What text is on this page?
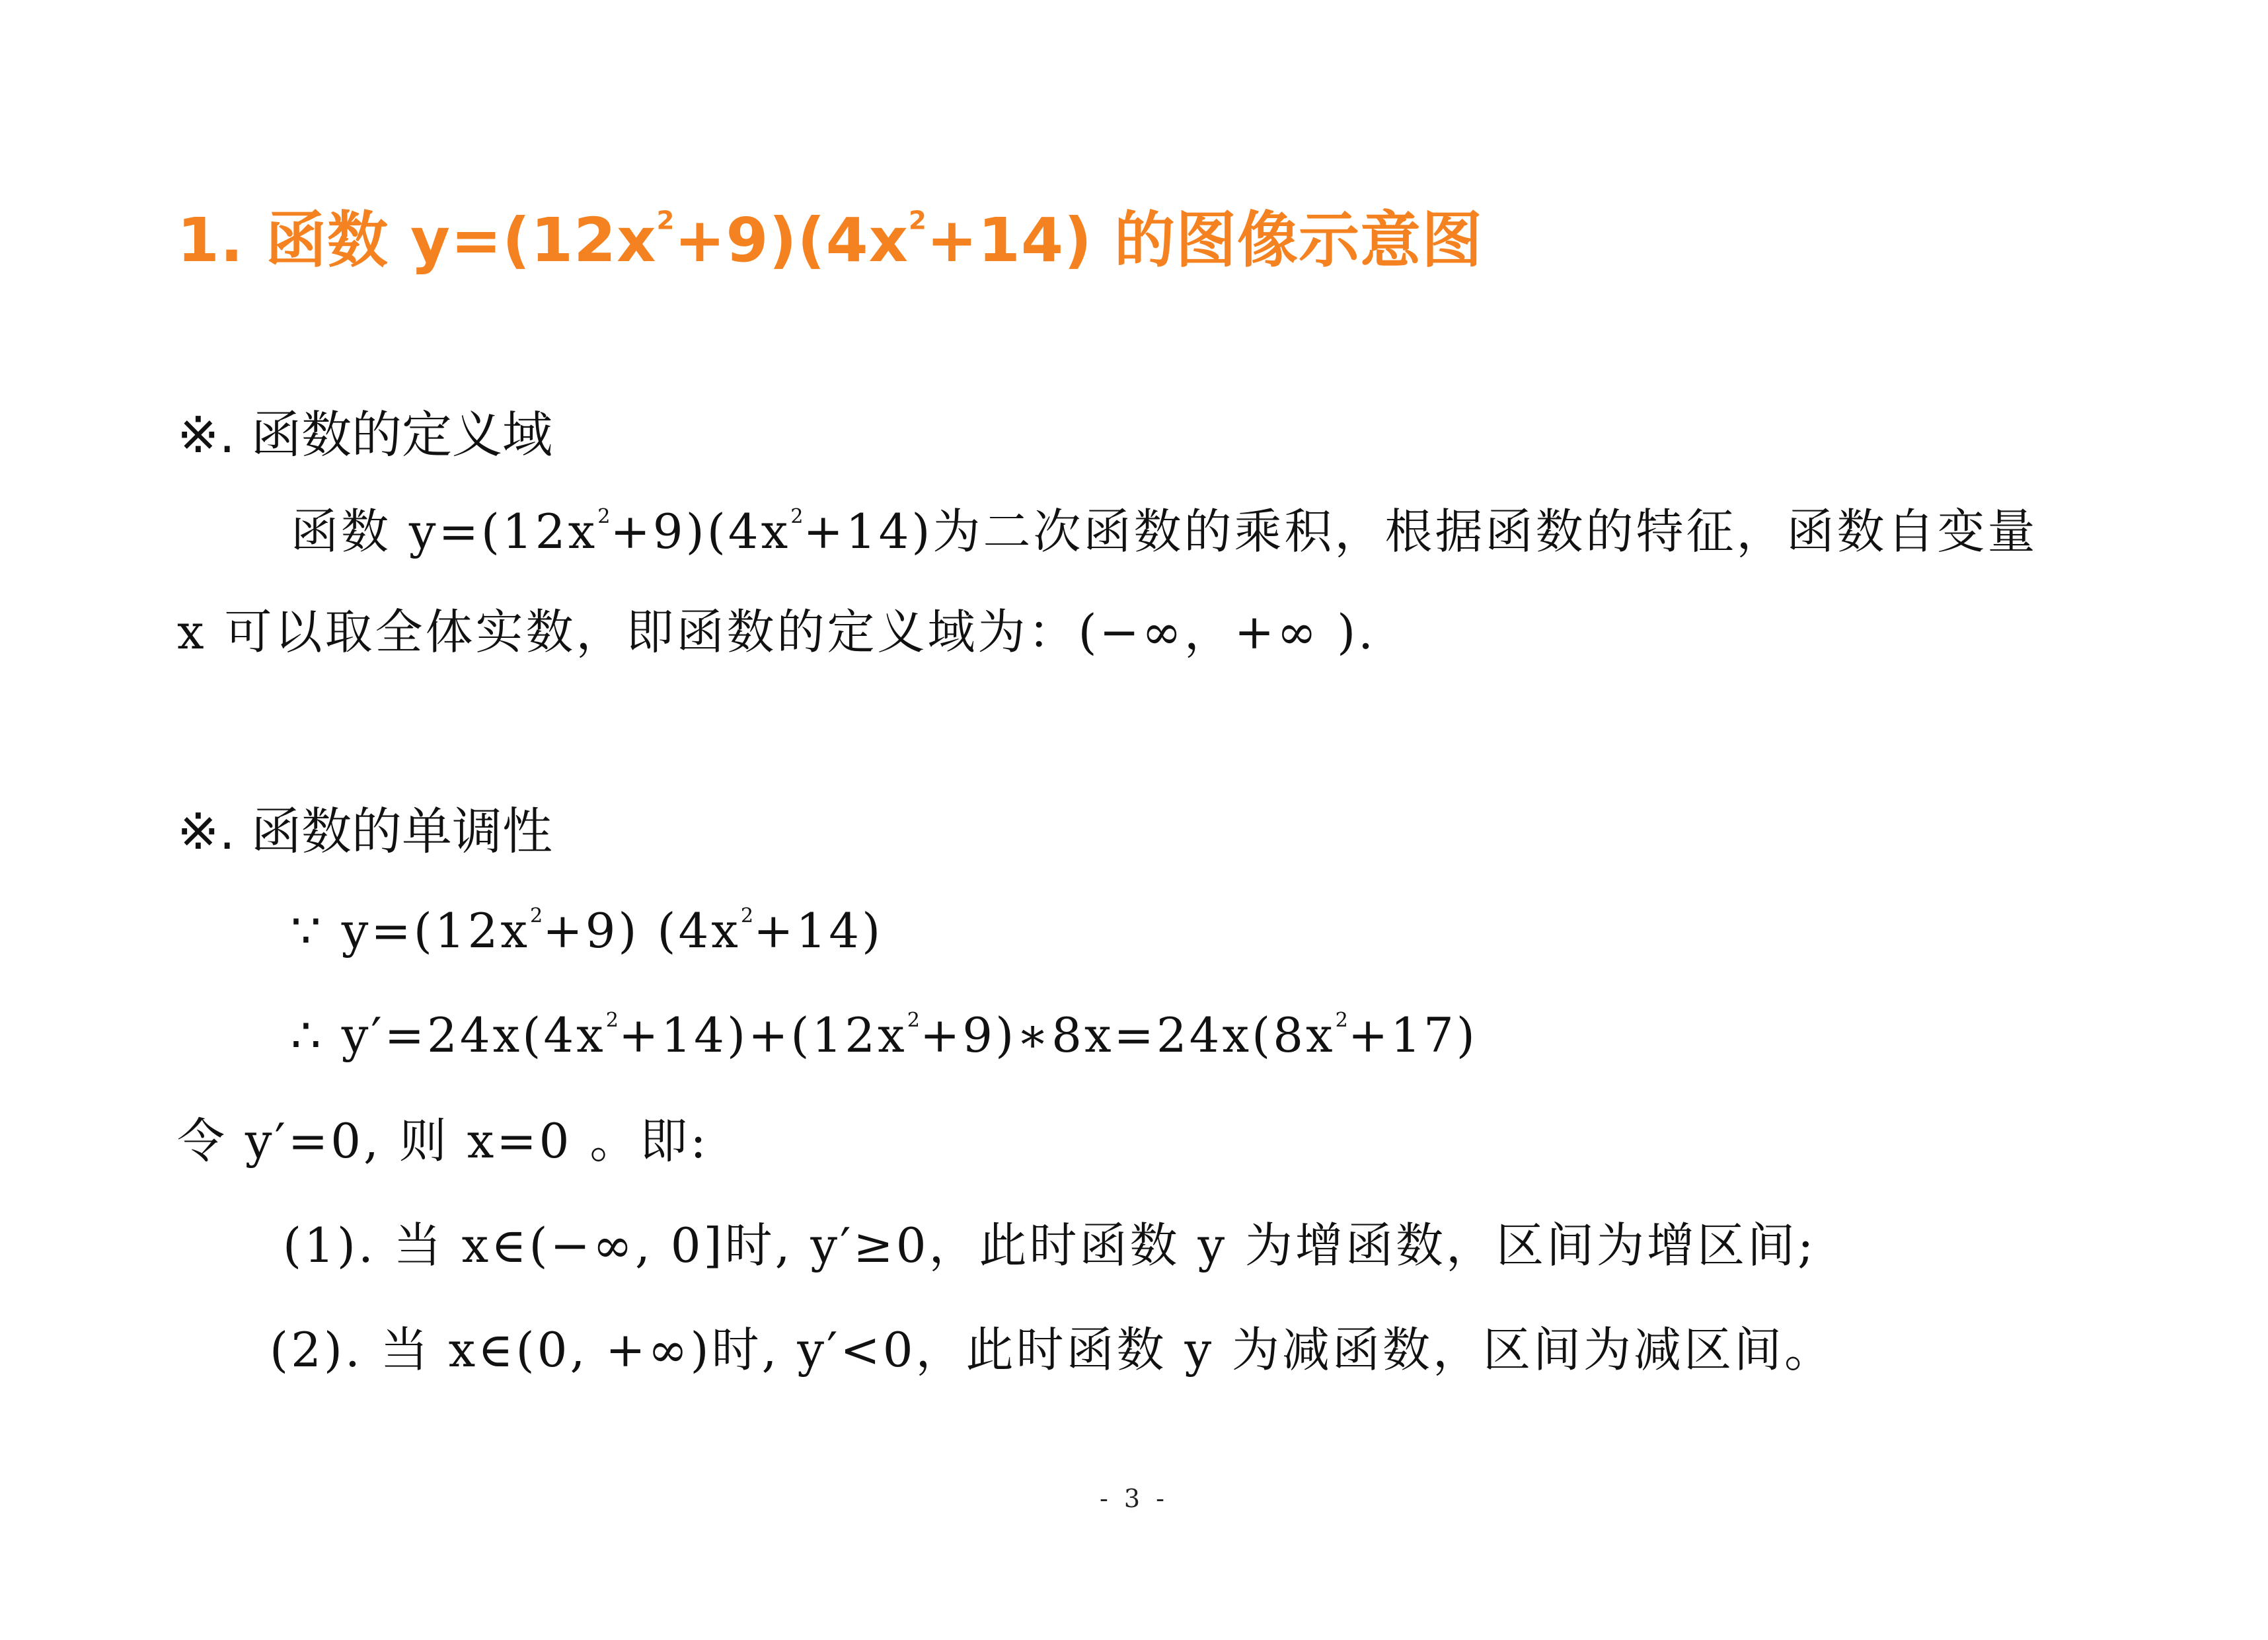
1. 函数 $y=(12x^2+9)(4x^2+14)$ 的图像示意图
※. 函数的定义域
函数 $y=(12x^2+9)(4x^2+14)$为二次函数的乘积，根据函数的特征，函数自变量
x 可以取全体实数，即函数的定义域为：(−∞，+∞ ).
※. 函数的单调性
∵ $y=(12x^2+9)$ $(4x^2+14)$
∴ $y'=24x(4x^2+14)+(12x^2+9)∗8x=24x(8x^2+17)$
令 y′=0, 则 x=0 。即:
(1). 当 x∈(−∞, 0]时, y′≥0，此时函数 y 为增函数，区间为增区间;
(2). 当 x∈(0, +∞)时, y′<0，此时函数 y 为减函数，区间为减区间。
- 3 -
